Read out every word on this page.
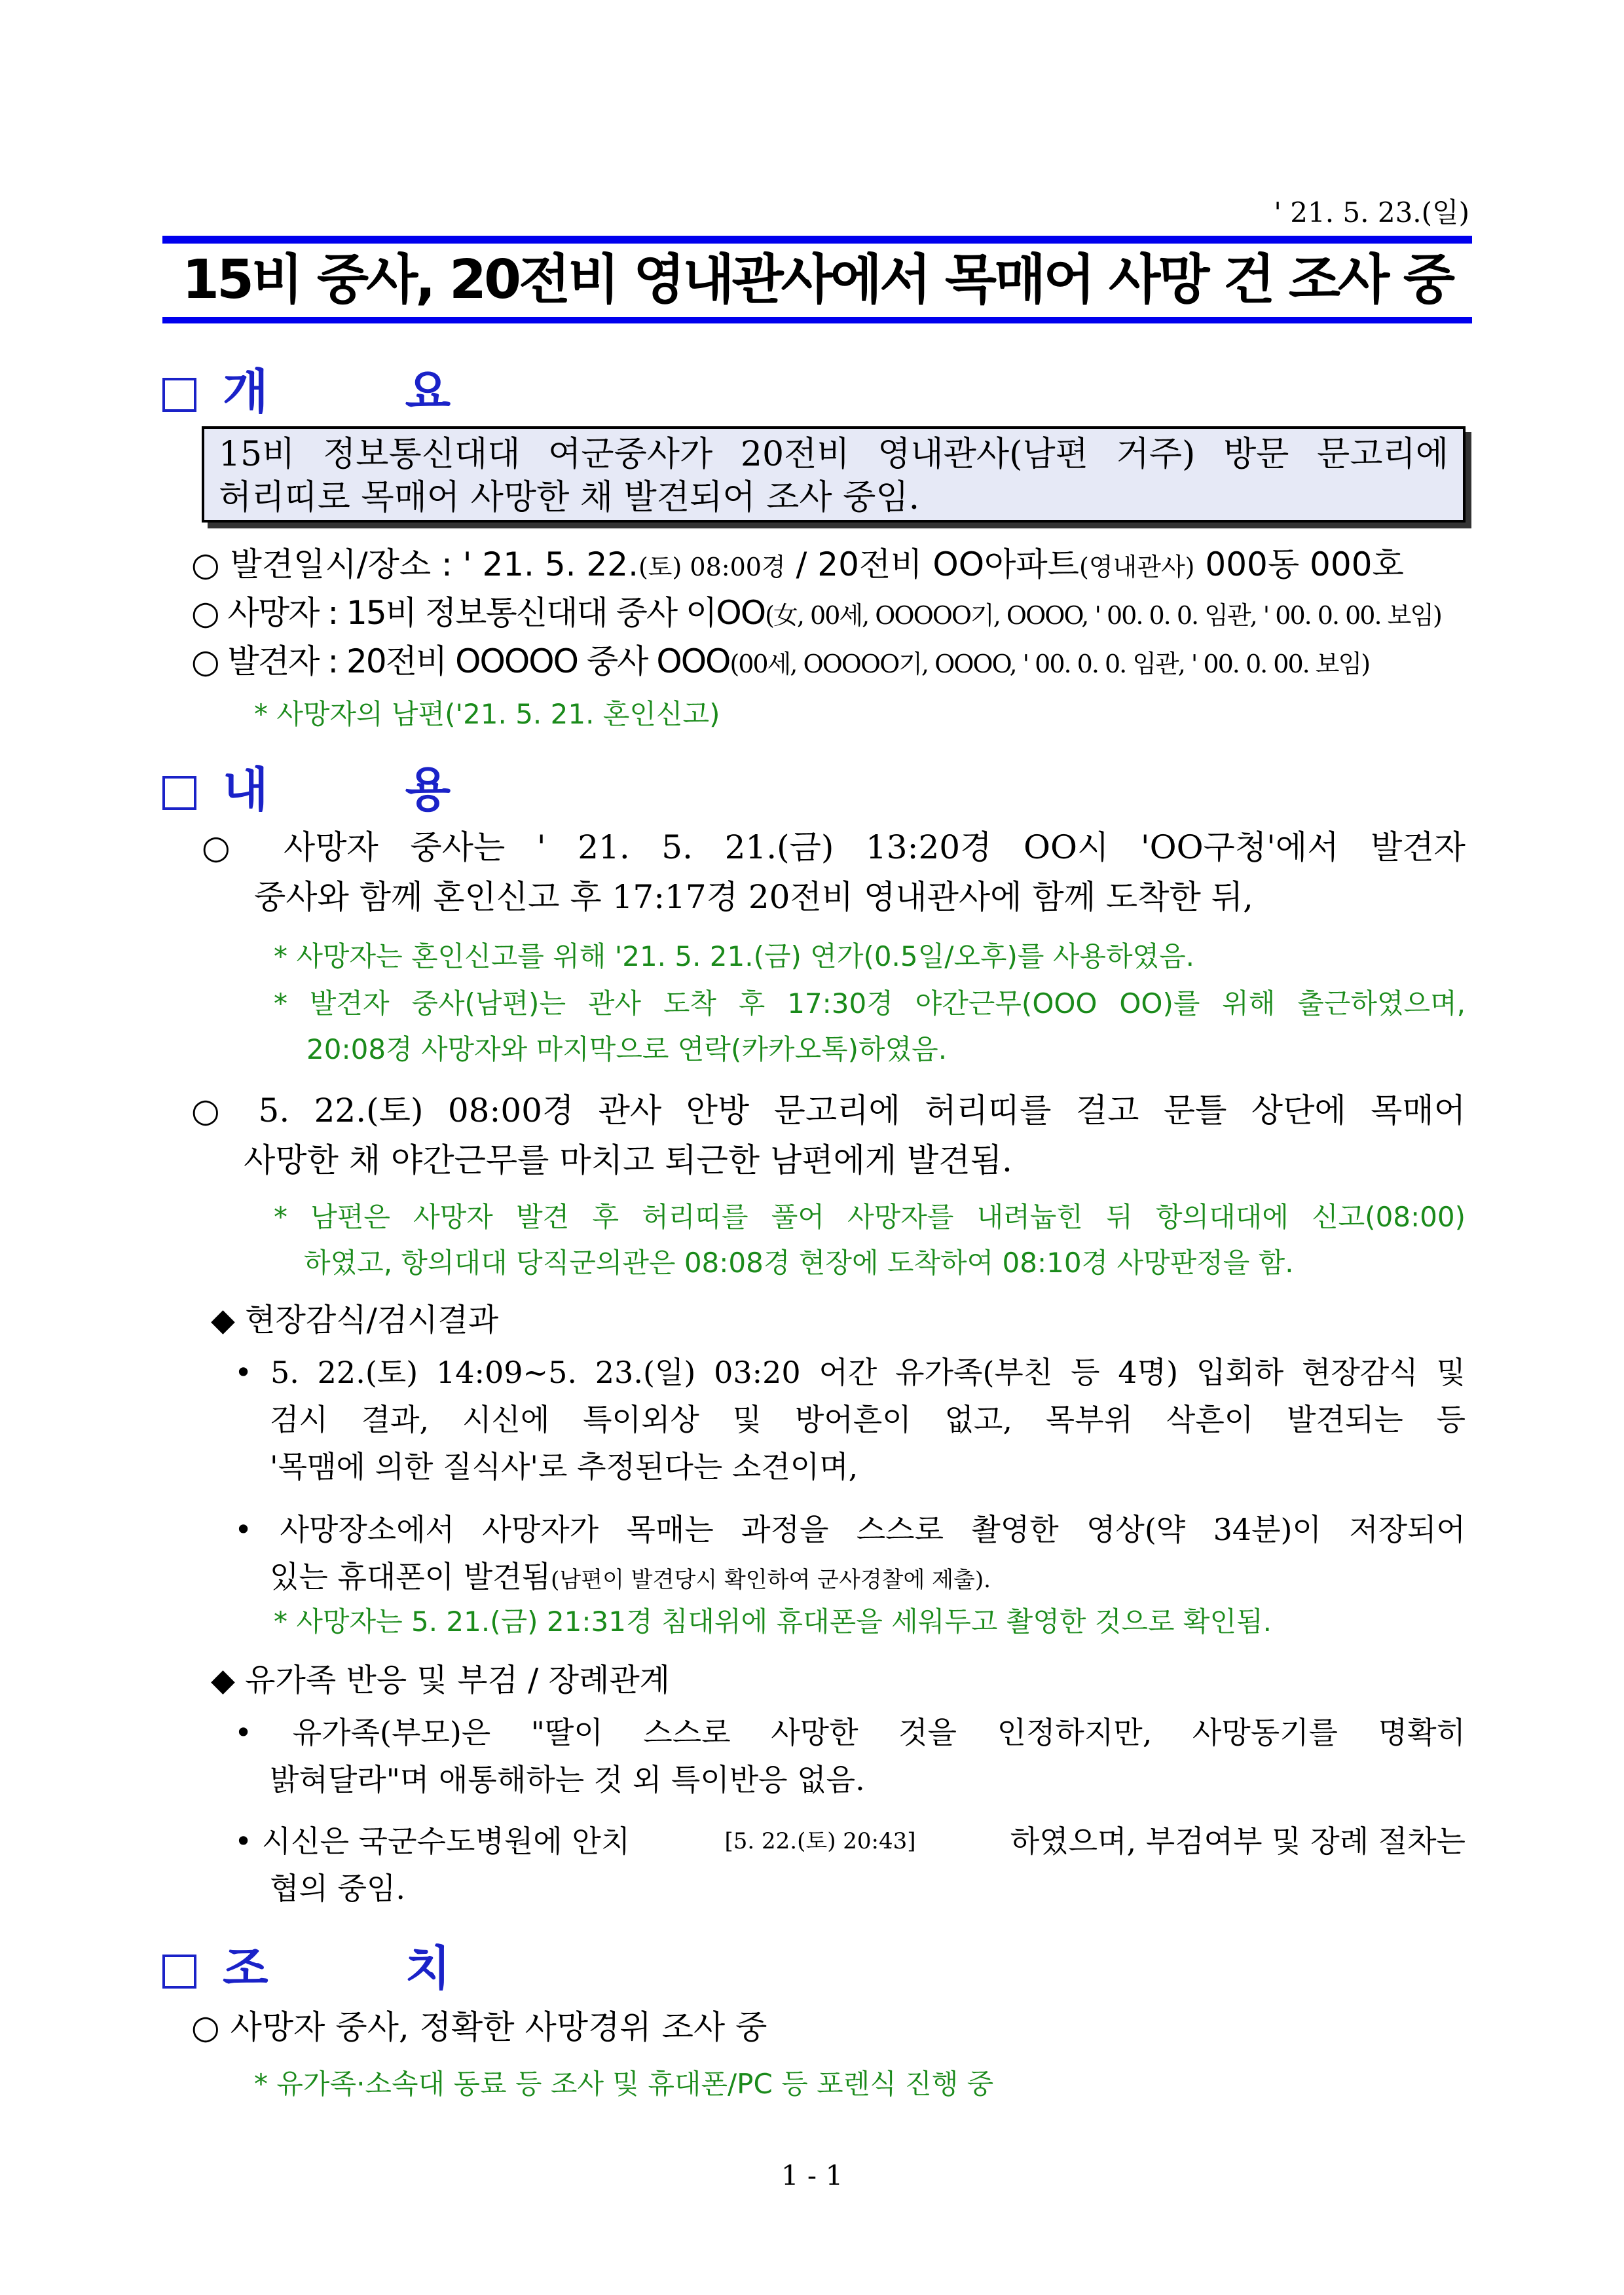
' 21. 5. 23.(일)
15비 중사, 20전비 영내관사에서 목매어 사망 건 조사 중
개 요
15비 정보통신대대 여군중사가 20전비 영내관사(남편 거주) 방문 문고리에
허리띠로 목매어 사망한 채 발견되어 조사 중임.
○ 발견일시/장소 : ' 21. 5. 22.(토) 08:00경 / 20전비 OO아파트(영내관사) 000동 000호
○ 사망자 : 15비 정보통신대대 중사 이OO(女, 00세, OOOOO기, OOOO, ' 00. 0. 0. 임관, ' 00. 0. 00. 보임)
○ 발견자 : 20전비 OOOOO 중사 OOO(00세, OOOOO기, OOOO, ' 00. 0. 0. 임관, ' 00. 0. 00. 보임)
* 사망자의 남편('21. 5. 21. 혼인신고)
내 용
○ 사망자 중사는 ' 21. 5. 21.(금) 13:20경 OO시 'OO구청'에서 발견자
중사와 함께 혼인신고 후 17:17경 20전비 영내관사에 함께 도착한 뒤,
* 사망자는 혼인신고를 위해 '21. 5. 21.(금) 연가(0.5일/오후)를 사용하였음.
* 발견자 중사(남편)는 관사 도착 후 17:30경 야간근무(OOO OO)를 위해 출근하였으며,
20:08경 사망자와 마지막으로 연락(카카오톡)하였음.
○ 5. 22.(토) 08:00경 관사 안방 문고리에 허리띠를 걸고 문틀 상단에 목매어
사망한 채 야간근무를 마치고 퇴근한 남편에게 발견됨.
* 남편은 사망자 발견 후 허리띠를 풀어 사망자를 내려눕힌 뒤 항의대대에 신고(08:00)
하였고, 항의대대 당직군의관은 08:08경 현장에 도착하여 08:10경 사망판정을 함.
◆ 현장감식/검시결과
• 5. 22.(토) 14:09~5. 23.(일) 03:20 어간 유가족(부친 등 4명) 입회하 현장감식 및
검시 결과, 시신에 특이외상 및 방어흔이 없고, 목부위 삭흔이 발견되는 등
'목맴에 의한 질식사'로 추정된다는 소견이며,
• 사망장소에서 사망자가 목매는 과정을 스스로 촬영한 영상(약 34분)이 저장되어
있는 휴대폰이 발견됨(남편이 발견당시 확인하여 군사경찰에 제출).
* 사망자는 5. 21.(금) 21:31경 침대위에 휴대폰을 세워두고 촬영한 것으로 확인됨.
◆ 유가족 반응 및 부검 / 장례관계
• 유가족(부모)은 "딸이 스스로 사망한 것을 인정하지만, 사망동기를 명확히
밝혀달라"며 애통해하는 것 외 특이반응 없음.
• 시신은 국군수도병원에 안치	[5. 22.(토) 20:43]	하였으며, 부검여부 및 장례 절차는
협의 중임.
조 치
○ 사망자 중사, 정확한 사망경위 조사 중
* 유가족·소속대 동료 등 조사 및 휴대폰/PC 등 포렌식 진행 중
1 - 1
